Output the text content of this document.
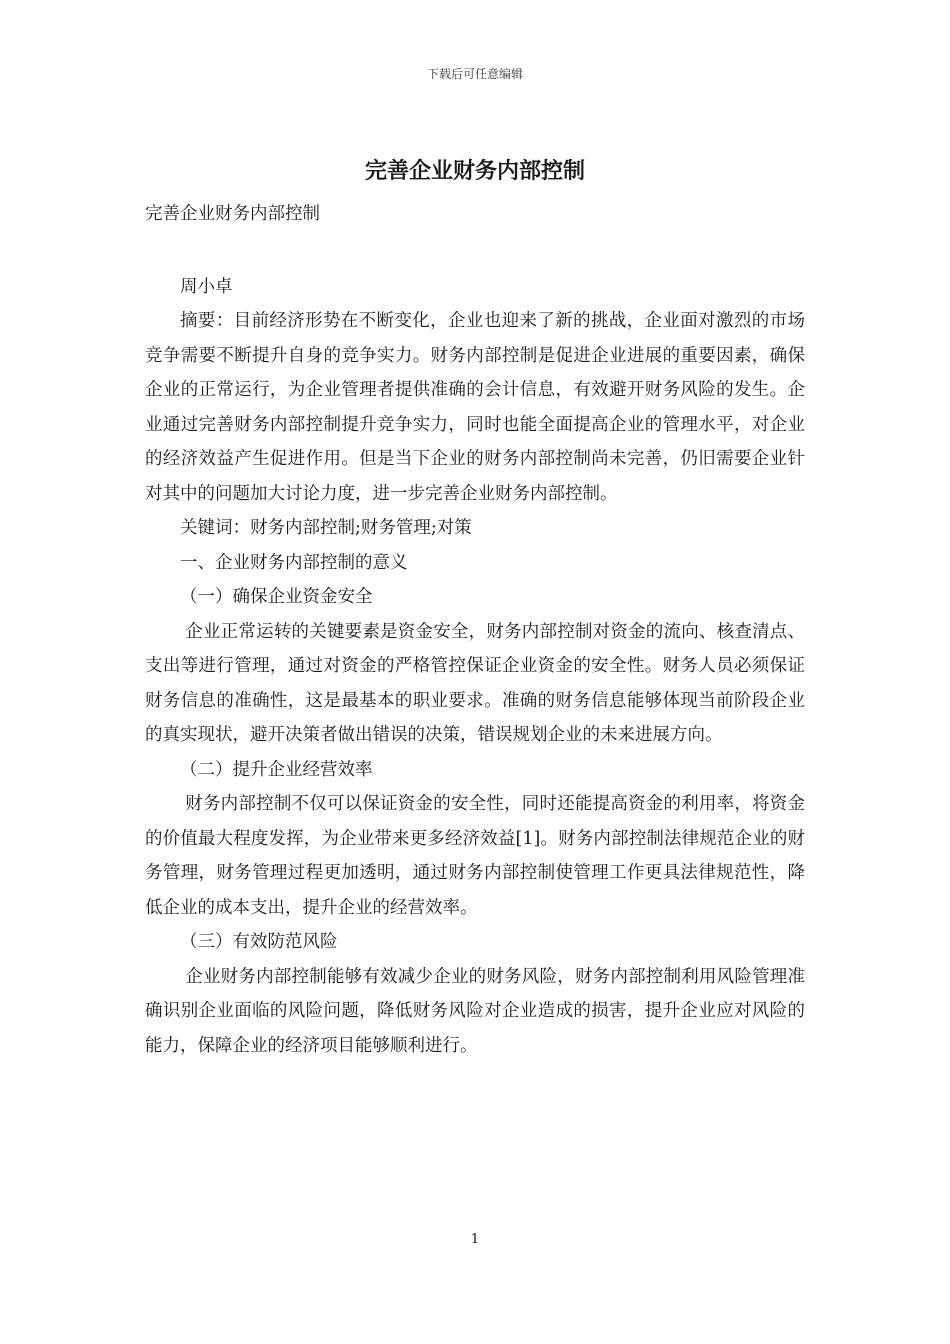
下载后可任意编辑
完善企业财务内部控制

完善企业财务内部控制

周小卓

摘要：目前经济形势在不断变化，企业也迎来了新的挑战，企业面对激烈的市场竞争需要不断提升自身的竞争实力。财务内部控制是促进企业进展的重要因素，确保企业的正常运行，为企业管理者提供准确的会计信息，有效避开财务风险的发生。企业通过完善财务内部控制提升竞争实力，同时也能全面提高企业的管理水平，对企业的经济效益产生促进作用。但是当下企业的财务内部控制尚未完善，仍旧需要企业针对其中的问题加大讨论力度，进一步完善企业财务内部控制。

关键词：财务内部控制;财务管理;对策

一、企业财务内部控制的意义

（一）确保企业资金安全

企业正常运转的关键要素是资金安全，财务内部控制对资金的流向、核查清点、支出等进行管理，通过对资金的严格管控保证企业资金的安全性。财务人员必须保证财务信息的准确性，这是最基本的职业要求。准确的财务信息能够体现当前阶段企业的真实现状，避开决策者做出错误的决策，错误规划企业的未来进展方向。

（二）提升企业经营效率

财务内部控制不仅可以保证资金的安全性，同时还能提高资金的利用率，将资金的价值最大程度发挥，为企业带来更多经济效益[1]。财务内部控制法律规范企业的财务管理，财务管理过程更加透明，通过财务内部控制使管理工作更具法律规范性，降低企业的成本支出，提升企业的经营效率。

（三）有效防范风险

企业财务内部控制能够有效减少企业的财务风险，财务内部控制利用风险管理准确识别企业面临的风险问题，降低财务风险对企业造成的损害，提升企业应对风险的能力，保障企业的经济项目能够顺利进行。

1
